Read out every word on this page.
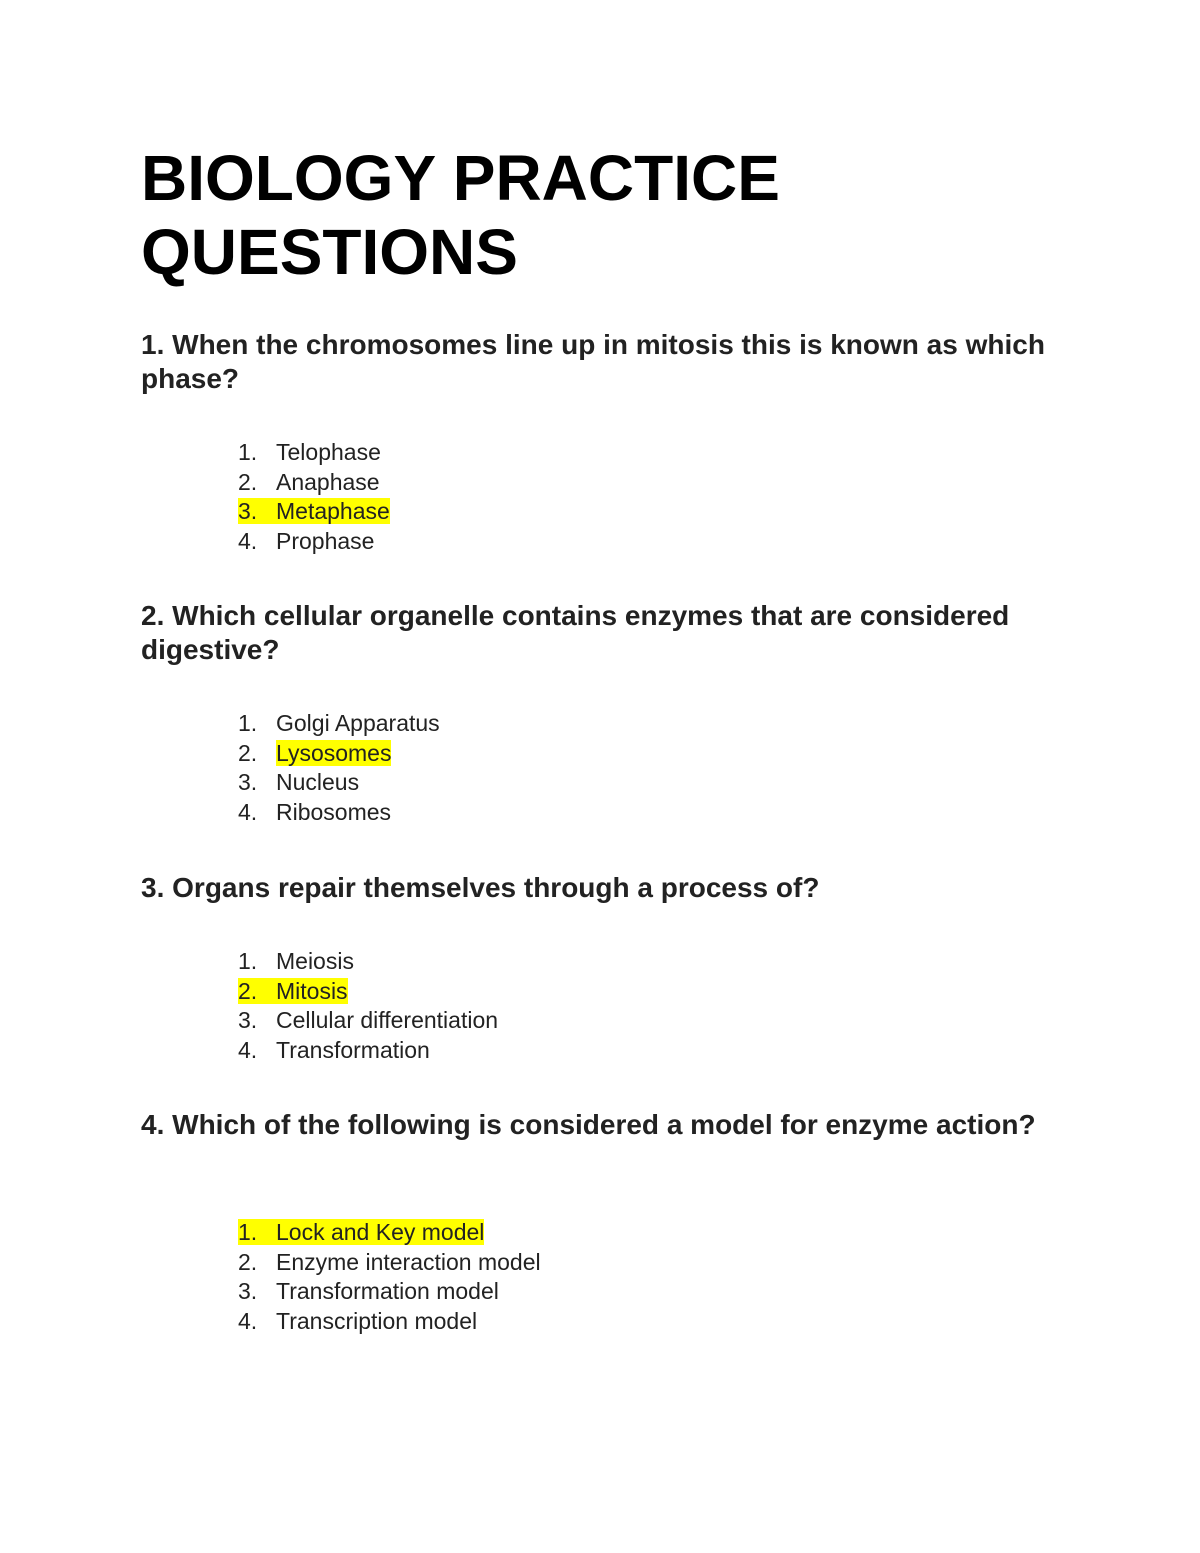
BIOLOGY PRACTICE
QUESTIONS

1. When the chromosomes line up in mitosis this is known as which phase?

1. Telophase
2. Anaphase
3. Metaphase
4. Prophase

2. Which cellular organelle contains enzymes that are considered digestive?

1. Golgi Apparatus
2. Lysosomes
3. Nucleus
4. Ribosomes

3. Organs repair themselves through a process of?

1. Meiosis
2. Mitosis
3. Cellular differentiation
4. Transformation

4. Which of the following is considered a model for enzyme action?

1. Lock and Key model
2. Enzyme interaction model
3. Transformation model
4. Transcription model
